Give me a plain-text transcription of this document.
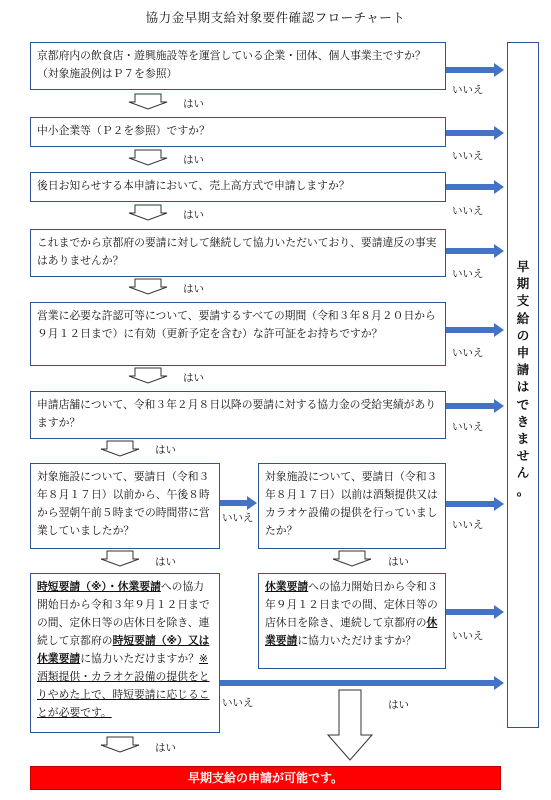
協力金早期支給対象要件確認フローチャート
京都府内の飲食店・遊興施設等を運営している企業・団体、個人事業主ですか？（対象施設例はＰ７を参照）
中小企業等（Ｐ２を参照）ですか？
後日お知らせする本申請において、売上高方式で申請しますか？
これまでから京都府の要請に対して継続して協力いただいており、要請違反の事実はありませんか？
営業に必要な許認可等について、要請するすべての期間（令和３年８月２０日から９月１２日まで）に有効（更新予定を含む）な許可証をお持ちですか？
申請店舗について、令和３年２月８日以降の要請に対する協力金の受給実績がありますか？
対象施設について、要請日（令和３年８月１７日）以前から、午後８時から翌朝午前５時までの時間帯に営業していましたか？
対象施設について、要請日（令和３年８月１７日）以前は酒類提供又はカラオケ設備の提供を行っていましたか？
時短要請（※）・休業要請への協力開始日から令和３年９月１２日までの間、定休日等の店休日を除き、連続して京都府の時短要請（※）又は休業要請に協力いただけますか？※酒類提供・カラオケ設備の提供をとりやめた上で、時短要請に応じることが必要です。
休業要請への協力開始日から令和３年９月１２日までの間、定休日等の店休日を除き、連続して京都府の休業要請に協力いただけますか？
早
期
支
給
の
申
請
は
で
き
ま
せ
ん
。
はい
はい
はい
はい
はい
はい
はい	はい
はい
はい
いいえ
いいえ
いいえ
いいえ
いいえ
いいえ
いいえ
いいえ
いいえ
いいえ
早期支給の申請が可能です。
